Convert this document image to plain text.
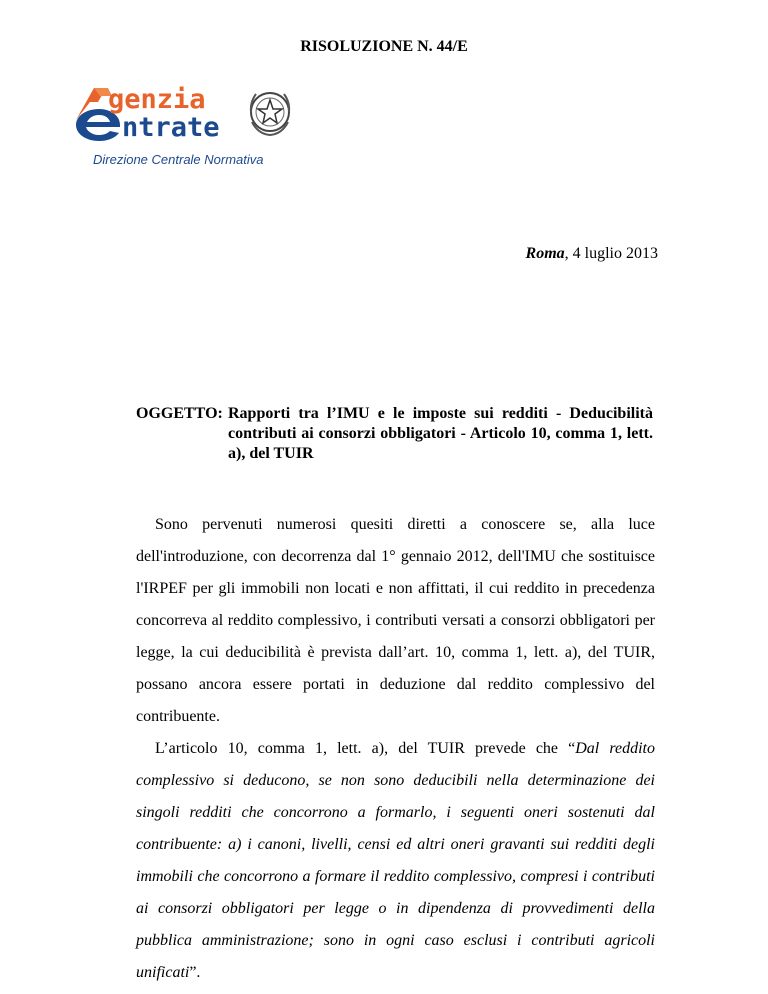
RISOLUZIONE N. 44/E
genzia
ntrate
Direzione Centrale Normativa
Roma, 4 luglio 2013
OGGETTO: Rapporti tra l’IMU e le imposte sui redditi - Deducibilità contributi ai consorzi obbligatori - Articolo 10, comma 1, lett. a), del TUIR

Sono pervenuti numerosi quesiti diretti a conoscere se, alla luce dell'introduzione, con decorrenza dal 1° gennaio 2012, dell'IMU che sostituisce l'IRPEF per gli immobili non locati e non affittati, il cui reddito in precedenza concorreva al reddito complessivo, i contributi versati a consorzi obbligatori per legge, la cui deducibilità è prevista dall’art. 10, comma 1, lett. a), del TUIR, possano ancora essere portati in deduzione dal reddito complessivo del contribuente.

L’articolo 10, comma 1, lett. a), del TUIR prevede che “Dal reddito complessivo si deducono, se non sono deducibili nella determinazione dei singoli redditi che concorrono a formarlo, i seguenti oneri sostenuti dal contribuente: a) i canoni, livelli, censi ed altri oneri gravanti sui redditi degli immobili che concorrono a formare il reddito complessivo, compresi i contributi ai consorzi obbligatori per legge o in dipendenza di provvedimenti della pubblica amministrazione; sono in ogni caso esclusi i contributi agricoli unificati”.
